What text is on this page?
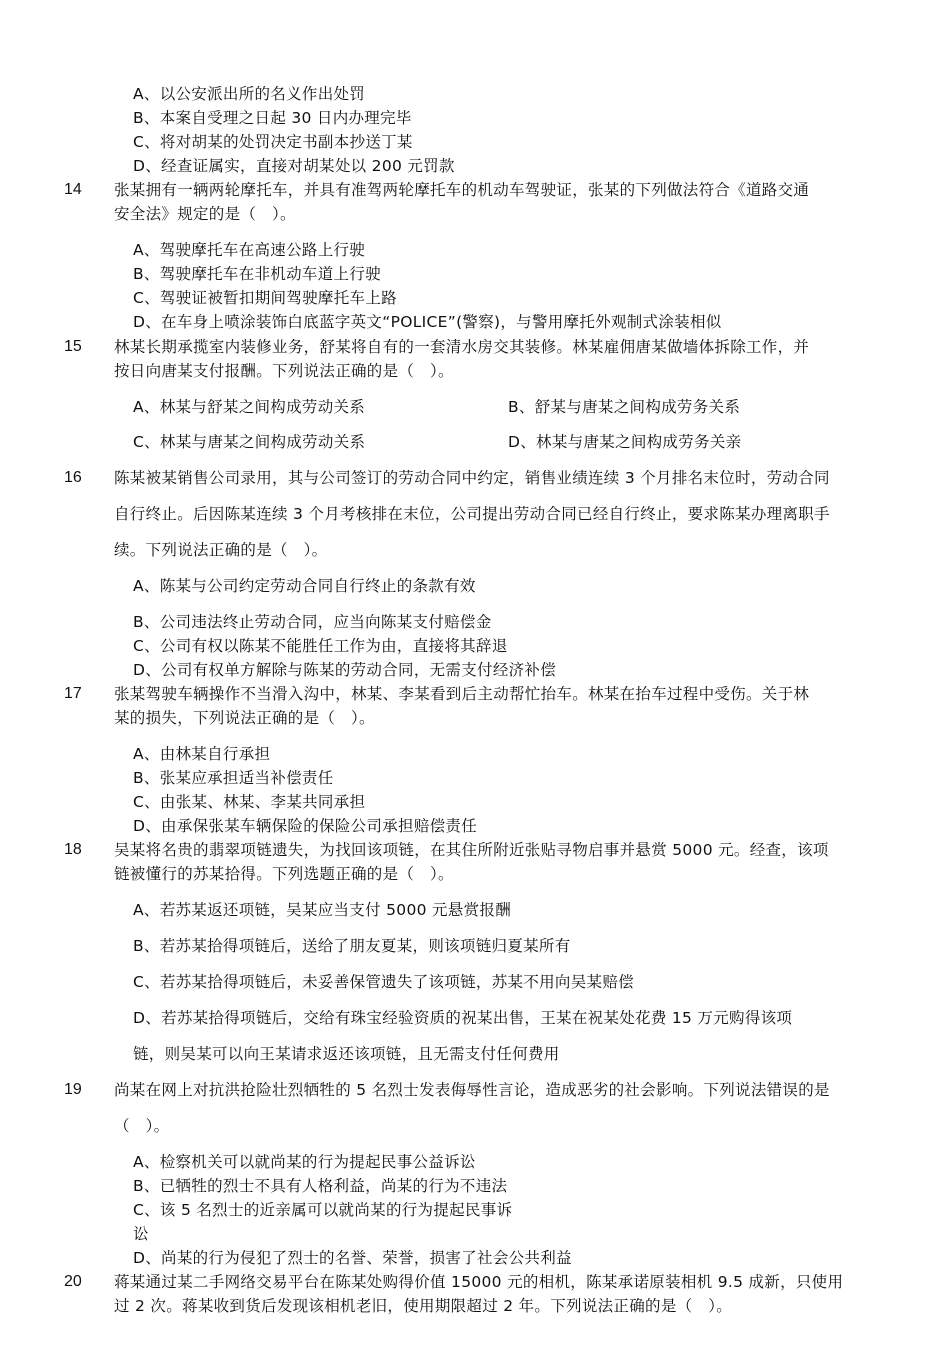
A、以公安派出所的名义作出处罚
B、本案自受理之日起 30 日内办理完毕
C、将对胡某的处罚决定书副本抄送丁某
D、经查证属实，直接对胡某处以 200 元罚款
14 张某拥有一辆两轮摩托车，并具有准驾两轮摩托车的机动车驾驶证，张某的下列做法符合《道路交通
安全法》规定的是（　）。
A、驾驶摩托车在高速公路上行驶
B、驾驶摩托车在非机动车道上行驶
C、驾驶证被暂扣期间驾驶摩托车上路
D、在车身上喷涂装饰白底蓝字英文“POLICE”(警察)，与警用摩托外观制式涂装相似
15 林某长期承揽室内装修业务，舒某将自有的一套清水房交其装修。林某雇佣唐某做墙体拆除工作，并
按日向唐某支付报酬。下列说法正确的是（　）。
A、林某与舒某之间构成劳动关系	B、舒某与唐某之间构成劳务关系
C、林某与唐某之间构成劳动关系	D、林某与唐某之间构成劳务关亲
16 陈某被某销售公司录用，其与公司签订的劳动合同中约定，销售业绩连续 3 个月排名末位时，劳动合同
自行终止。后因陈某连续 3 个月考核排在末位，公司提出劳动合同已经自行终止，要求陈某办理离职手
续。下列说法正确的是（　）。
A、陈某与公司约定劳动合同自行终止的条款有效
B、公司违法终止劳动合同，应当向陈某支付赔偿金
C、公司有权以陈某不能胜任工作为由，直接将其辞退
D、公司有权单方解除与陈某的劳动合同，无需支付经济补偿
17 张某驾驶车辆操作不当滑入沟中，林某、李某看到后主动帮忙抬车。林某在抬车过程中受伤。关于林
某的损失，下列说法正确的是（　）。
A、由林某自行承担
B、张某应承担适当补偿责任
C、由张某、林某、李某共同承担
D、由承保张某车辆保险的保险公司承担赔偿责任
18 吴某将名贵的翡翠项链遗失，为找回该项链，在其住所附近张贴寻物启事并悬赏 5000 元。经查，该项
链被懂行的苏某拾得。下列选题正确的是（　）。
A、若苏某返还项链，吴某应当支付 5000 元悬赏报酬
B、若苏某拾得项链后，送给了朋友夏某，则该项链归夏某所有
C、若苏某拾得项链后，未妥善保管遗失了该项链，苏某不用向吴某赔偿
D、若苏某拾得项链后，交给有珠宝经验资质的祝某出售，王某在祝某处花费 15 万元购得该项
链，则吴某可以向王某请求返还该项链，且无需支付任何费用
19 尚某在网上对抗洪抢险壮烈牺牲的 5 名烈士发表侮辱性言论，造成恶劣的社会影响。下列说法错误的是
（　）。
A、检察机关可以就尚某的行为提起民事公益诉讼
B、已牺牲的烈士不具有人格利益，尚某的行为不违法
C、该 5 名烈士的近亲属可以就尚某的行为提起民事诉
讼
D、尚某的行为侵犯了烈士的名誉、荣誉，损害了社会公共利益
20 蒋某通过某二手网络交易平台在陈某处购得价值 15000 元的相机，陈某承诺原装相机 9.5 成新，只使用
过 2 次。蒋某收到货后发现该相机老旧，使用期限超过 2 年。下列说法正确的是（　）。
